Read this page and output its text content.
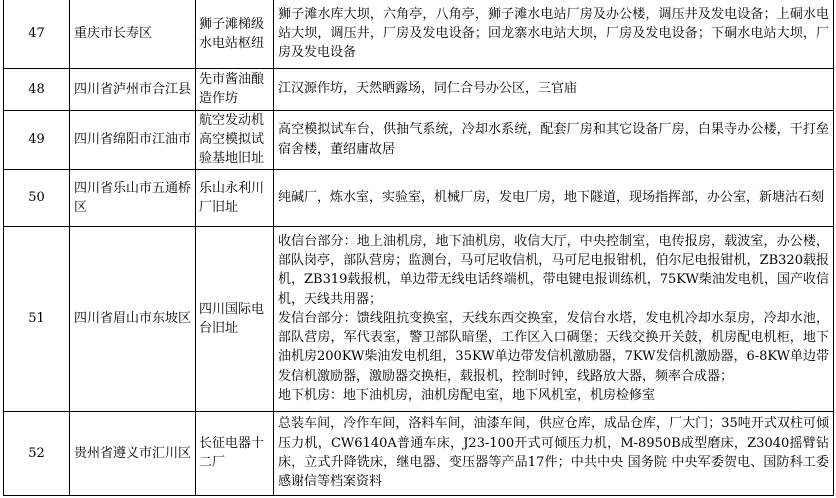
47	重庆市长寿区	狮子滩梯级水电站枢纽	狮子滩水库大坝，六角亭，八角亭，狮子滩水电站厂房及办公楼，调压井及发电设备；上硐水电站大坝，调压井，厂房及发电设备；回龙寨水电站大坝，厂房及发电设备；下硐水电站大坝，厂房及发电设备

48	四川省泸州市合江县	先市酱油酿造作坊	江汉源作坊，天然晒露场，同仁合号办公区，三官庙

49	四川省绵阳市江油市	航空发动机高空模拟试验基地旧址	高空模拟试车台，供抽气系统，冷却水系统，配套厂房和其它设备厂房，白果寺办公楼，干打垒宿舍楼，董绍庸故居

50	四川省乐山市五通桥区	乐山永利川厂旧址	纯碱厂，炼水室，实验室，机械厂房，发电厂房，地下隧道，现场指挥部，办公室，新塘沽石刻

51	四川省眉山市东坡区	四川国际电台旧址	收信台部分：地上油机房，地下油机房，收信大厅，中央控制室，电传报房，载波室，办公楼，部队岗亭，部队营房；监测台，马可尼收信机，马可尼电报钳机，伯尔尼电报钳机，ZB320载报机，ZB319载报机，单边带无线电话终端机，带电键电报训练机，75KW柴油发电机，国产收信机，天线共用器；
发信台部分：馈线阻抗变换室，天线东西交换室，发信台水塔，发电机冷却水泵房，冷却水池，部队营房，军代表室，警卫部队暗堡，工作区入口碉堡；天线交换开关鼓，机房配电机柜，地下油机房200KW柴油发电机组，35KW单边带发信机激励器，7KW发信机激励器，6-8KW单边带发信机激励器，激励器交换柜，载报机，控制时钟，线路放大器，频率合成器；
地下机房：地下油机房，油机房配电室，地下风机室，机房检修室

52	贵州省遵义市汇川区	长征电器十二厂	总装车间，冷作车间，洛料车间，油漆车间，供应仓库，成品仓库，厂大门；35吨开式双柱可倾压力机，CW6140A普通车床，J23-100开式可倾压力机，M-8950B成型磨床，Z3040摇臂钻床，立式升降铣床，继电器、变压器等产品17件；中共中央 国务院 中央军委贺电、国防科工委感谢信等档案资料
